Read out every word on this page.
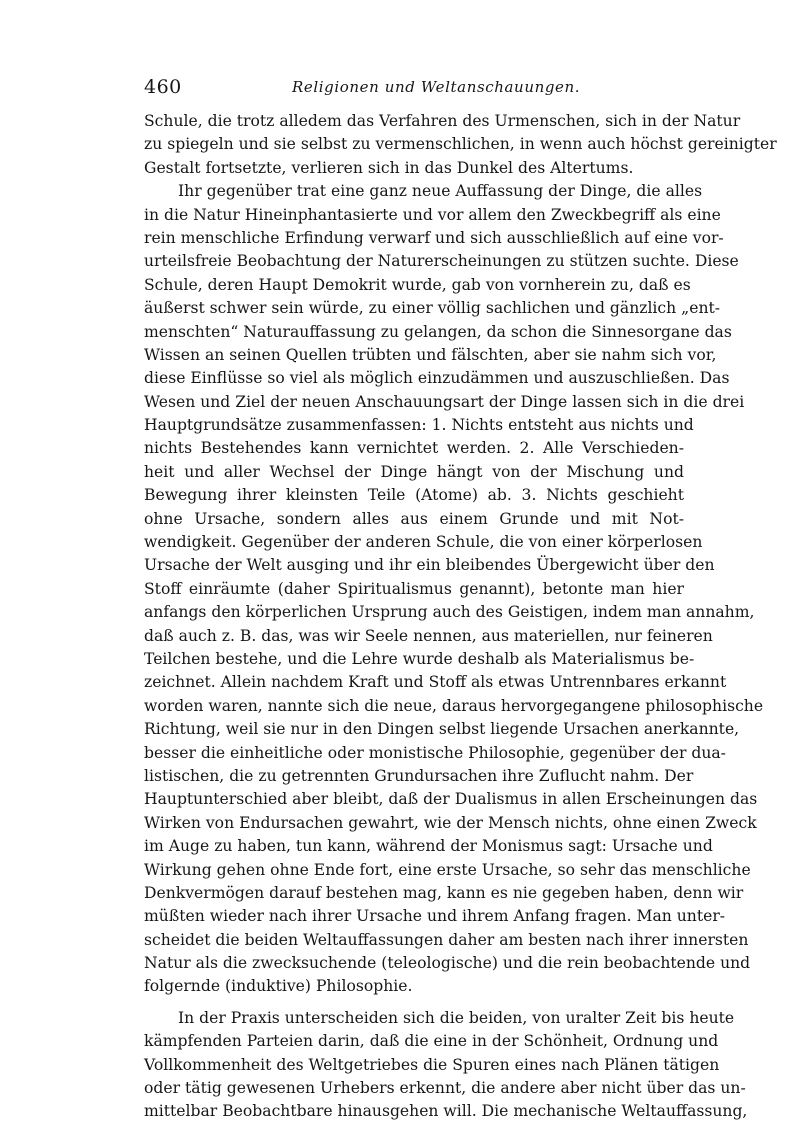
460	Religionen und Weltanschauungen.
Schule, die trotz alledem das Verfahren des Urmenschen, sich in der Natur
zu spiegeln und sie selbst zu vermenschlichen, in wenn auch höchst gereinigter
Gestalt fortsetzte, verlieren sich in das Dunkel des Altertums.
Ihr gegenüber trat eine ganz neue Auffassung der Dinge, die alles
in die Natur Hineinphantasierte und vor allem den Zweckbegriff als eine
rein menschliche Erfindung verwarf und sich ausschließlich auf eine vor-
urteilsfreie Beobachtung der Naturerscheinungen zu stützen suchte. Diese
Schule, deren Haupt Demokrit wurde, gab von vornherein zu, daß es
äußerst schwer sein würde, zu einer völlig sachlichen und gänzlich „ent-
menschten“ Naturauffassung zu gelangen, da schon die Sinnesorgane das
Wissen an seinen Quellen trübten und fälschten, aber sie nahm sich vor,
diese Einflüsse so viel als möglich einzudämmen und auszuschließen. Das
Wesen und Ziel der neuen Anschauungsart der Dinge lassen sich in die drei
Hauptgrundsätze zusammenfassen: 1. Nichts entsteht aus nichts und
nichts Bestehendes kann vernichtet werden. 2. Alle Verschieden-
heit und aller Wechsel der Dinge hängt von der Mischung und
Bewegung ihrer kleinsten Teile (Atome) ab. 3. Nichts geschieht
ohne Ursache, sondern alles aus einem Grunde und mit Not-
wendigkeit. Gegenüber der anderen Schule, die von einer körperlosen
Ursache der Welt ausging und ihr ein bleibendes Übergewicht über den
Stoff einräumte (daher Spiritualismus genannt), betonte man hier
anfangs den körperlichen Ursprung auch des Geistigen, indem man annahm,
daß auch z. B. das, was wir Seele nennen, aus materiellen, nur feineren
Teilchen bestehe, und die Lehre wurde deshalb als Materialismus be-
zeichnet. Allein nachdem Kraft und Stoff als etwas Untrennbares erkannt
worden waren, nannte sich die neue, daraus hervorgegangene philosophische
Richtung, weil sie nur in den Dingen selbst liegende Ursachen anerkannte,
besser die einheitliche oder monistische Philosophie, gegenüber der dua-
listischen, die zu getrennten Grundursachen ihre Zuflucht nahm. Der
Hauptunterschied aber bleibt, daß der Dualismus in allen Erscheinungen das
Wirken von Endursachen gewahrt, wie der Mensch nichts, ohne einen Zweck
im Auge zu haben, tun kann, während der Monismus sagt: Ursache und
Wirkung gehen ohne Ende fort, eine erste Ursache, so sehr das menschliche
Denkvermögen darauf bestehen mag, kann es nie gegeben haben, denn wir
müßten wieder nach ihrer Ursache und ihrem Anfang fragen. Man unter-
scheidet die beiden Weltauffassungen daher am besten nach ihrer innersten
Natur als die zwecksuchende (teleologische) und die rein beobachtende und
folgernde (induktive) Philosophie.
In der Praxis unterscheiden sich die beiden, von uralter Zeit bis heute
kämpfenden Parteien darin, daß die eine in der Schönheit, Ordnung und
Vollkommenheit des Weltgetriebes die Spuren eines nach Plänen tätigen
oder tätig gewesenen Urhebers erkennt, die andere aber nicht über das un-
mittelbar Beobachtbare hinausgehen will. Die mechanische Weltauffassung,
